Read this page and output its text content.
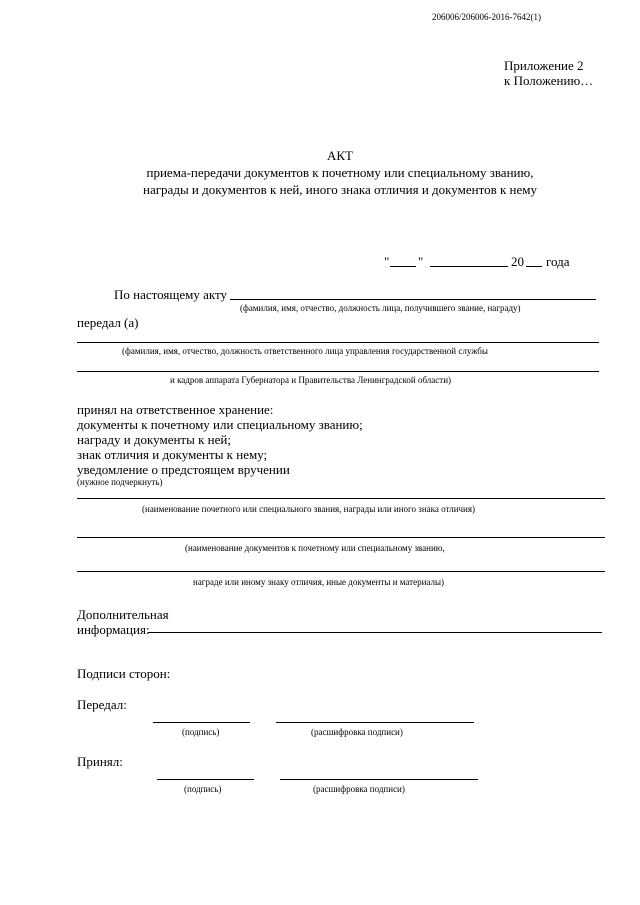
206006/206006-2016-7642(1)
Приложение 2
к Положению…
АКТ
приема-передачи документов к почетному или специальному званию,
награды и документов к ней, иного знака отличия и документов к нему
" "	20 года
По настоящему акту
(фамилия, имя, отчество, должность лица, получившего звание, награду)
передал (а)
(фамилия, имя, отчество, должность ответственного лица управления государственной службы
и кадров аппарата Губернатора и Правительства Ленинградской области)
принял на ответственное хранение:
документы к почетному или специальному званию;
награду и документы к ней;
знак отличия и документы к нему;
уведомление о предстоящем вручении
(нужное подчеркнуть)
(наименование почетного или специального звания, награды или иного знака отличия)
(наименование документов к почетному или специальному званию,
награде или иному знаку отличия, иные документы и материалы)
Дополнительная
информация:
Подписи сторон:
Передал:
(подпись)	(расшифровка подписи)
Принял:
(подпись)	(расшифровка подписи)
